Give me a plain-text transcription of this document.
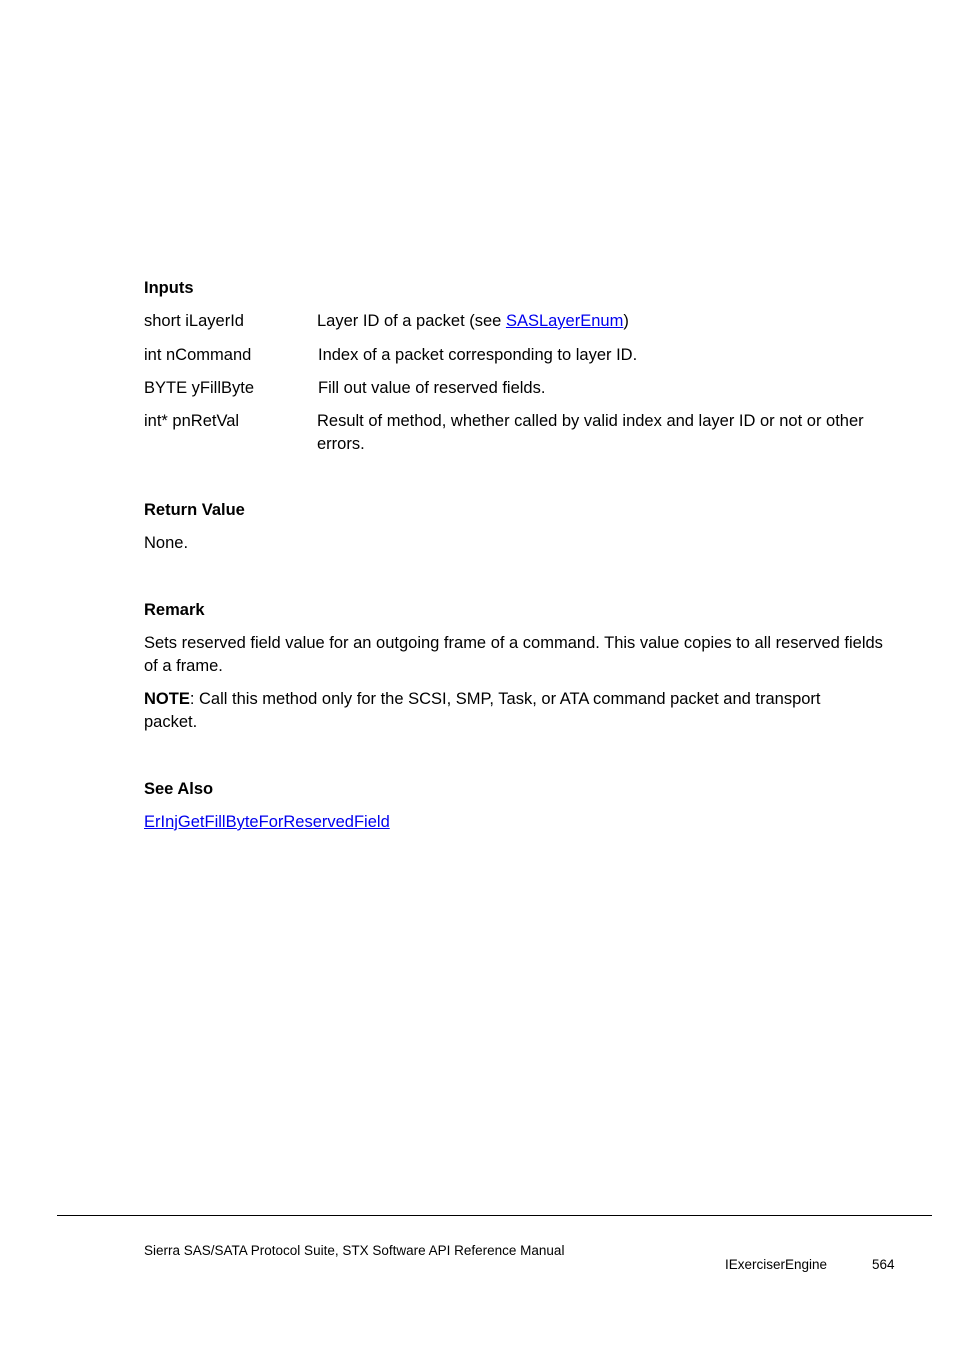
Inputs
short iLayerId	Layer ID of a packet (see SASLayerEnum)
int nCommand	Index of a packet corresponding to layer ID.
BYTE yFillByte	Fill out value of reserved fields.
int* pnRetVal	Result of method, whether called by valid index and layer ID or not or other errors.
Return Value
None.
Remark
Sets reserved field value for an outgoing frame of a command. This value copies to all reserved fields of a frame.
NOTE: Call this method only for the SCSI, SMP, Task, or ATA command packet and transport packet.
See Also
ErInjGetFillByteForReservedField
Sierra SAS/SATA Protocol Suite, STX Software API Reference Manual
IExerciserEngine	564
